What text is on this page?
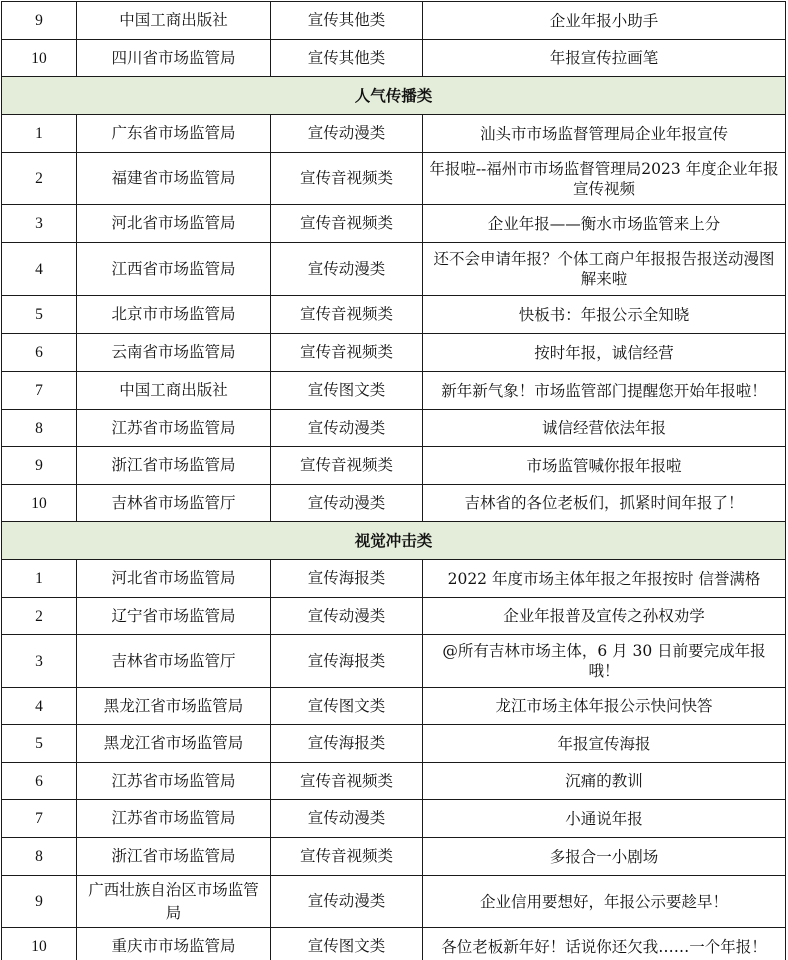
9	中国工商出版社	宣传其他类	企业年报小助手
10	四川省市场监管局	宣传其他类	年报宣传拉画笔
人气传播类			
1	广东省市场监管局	宣传动漫类	汕头市市场监督管理局企业年报宣传
2	福建省市场监管局	宣传音视频类	年报啦--福州市市场监督管理局2023 年度企业年报宣传视频
3	河北省市场监管局	宣传音视频类	企业年报——衡水市场监管来上分
4	江西省市场监管局	宣传动漫类	还不会申请年报？个体工商户年报报告报送动漫图解来啦
5	北京市市场监管局	宣传音视频类	快板书：年报公示全知晓
6	云南省市场监管局	宣传音视频类	按时年报，诚信经营
7	中国工商出版社	宣传图文类	新年新气象！市场监管部门提醒您开始年报啦！
8	江苏省市场监管局	宣传动漫类	诚信经营依法年报
9	浙江省市场监管局	宣传音视频类	市场监管喊你报年报啦
10	吉林省市场监管厅	宣传动漫类	吉林省的各位老板们，抓紧时间年报了！
视觉冲击类			
1	河北省市场监管局	宣传海报类	2022 年度市场主体年报之年报按时 信誉满格
2	辽宁省市场监管局	宣传动漫类	企业年报普及宣传之孙权劝学
3	吉林省市场监管厅	宣传海报类	@所有吉林市场主体，6 月 30 日前要完成年报哦！
4	黑龙江省市场监管局	宣传图文类	龙江市场主体年报公示快问快答
5	黑龙江省市场监管局	宣传海报类	年报宣传海报
6	江苏省市场监管局	宣传音视频类	沉痛的教训
7	江苏省市场监管局	宣传动漫类	小通说年报
8	浙江省市场监管局	宣传音视频类	多报合一小剧场
9	广西壮族自治区市场监管局	宣传动漫类	企业信用要想好，年报公示要趁早！
10	重庆市市场监管局	宣传图文类	各位老板新年好！话说你还欠我……一个年报！
